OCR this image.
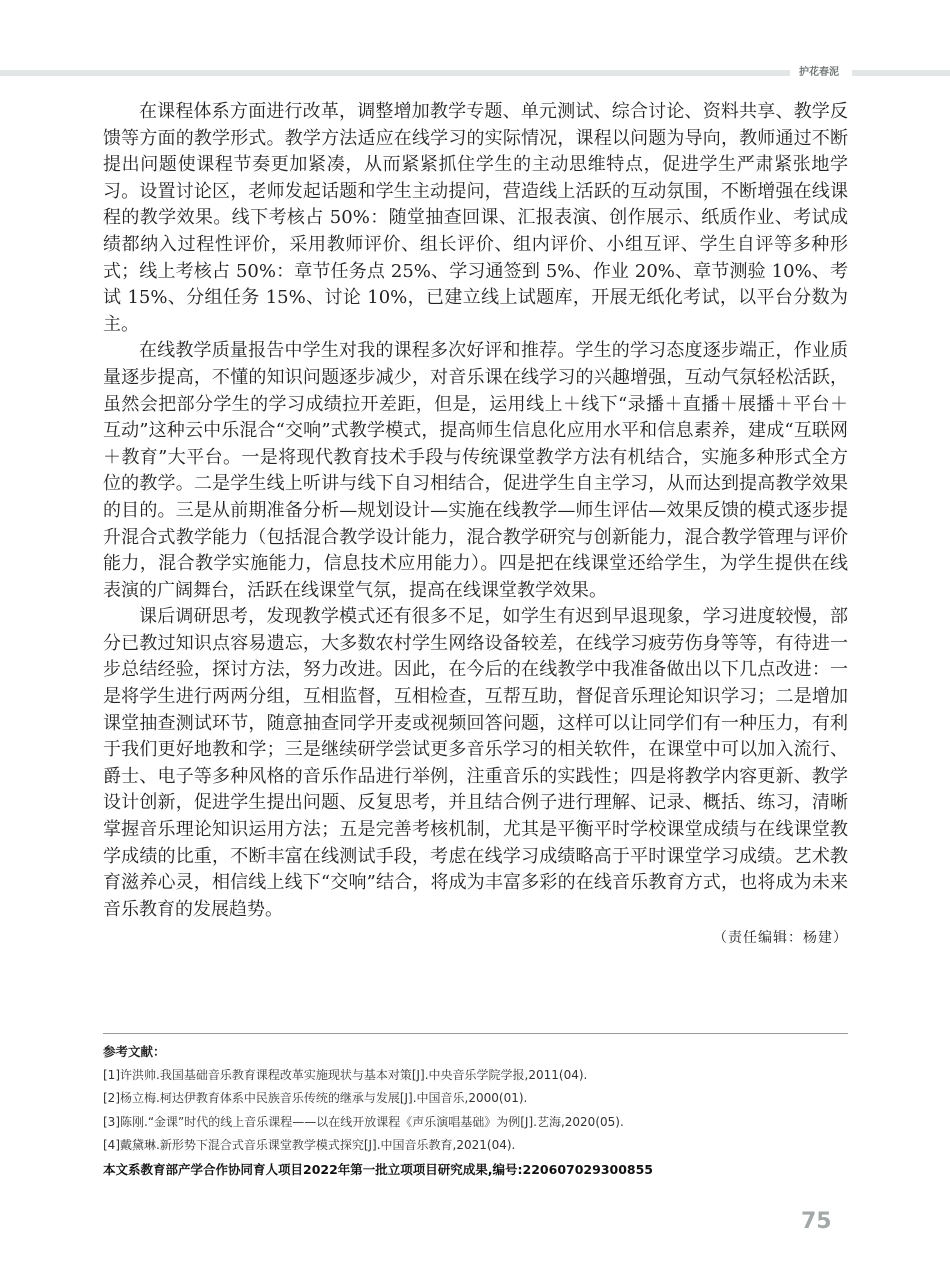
护花春泥

在课程体系方面进行改革，调整增加教学专题、单元测试、综合讨论、资料共享、教学反馈等方面的教学形式。教学方法适应在线学习的实际情况，课程以问题为导向，教师通过不断提出问题使课程节奏更加紧凑，从而紧紧抓住学生的主动思维特点，促进学生严肃紧张地学习。设置讨论区，老师发起话题和学生主动提问，营造线上活跃的互动氛围，不断增强在线课程的教学效果。线下考核占 50%：随堂抽查回课、汇报表演、创作展示、纸质作业、考试成绩都纳入过程性评价，采用教师评价、组长评价、组内评价、小组互评、学生自评等多种形式；线上考核占 50%：章节任务点 25%、学习通签到 5%、作业 20%、章节测验 10%、考试 15%、分组任务 15%、讨论 10%，已建立线上试题库，开展无纸化考试，以平台分数为主。

在线教学质量报告中学生对我的课程多次好评和推荐。学生的学习态度逐步端正，作业质量逐步提高，不懂的知识问题逐步减少，对音乐课在线学习的兴趣增强，互动气氛轻松活跃，虽然会把部分学生的学习成绩拉开差距，但是，运用线上＋线下“录播＋直播＋展播＋平台＋互动”这种云中乐混合“交响”式教学模式，提高师生信息化应用水平和信息素养，建成“互联网＋教育”大平台。一是将现代教育技术手段与传统课堂教学方法有机结合，实施多种形式全方位的教学。二是学生线上听讲与线下自习相结合，促进学生自主学习，从而达到提高教学效果的目的。三是从前期准备分析—规划设计—实施在线教学—师生评估—效果反馈的模式逐步提升混合式教学能力（包括混合教学设计能力，混合教学研究与创新能力，混合教学管理与评价能力，混合教学实施能力，信息技术应用能力）。四是把在线课堂还给学生，为学生提供在线表演的广阔舞台，活跃在线课堂气氛，提高在线课堂教学效果。

课后调研思考，发现教学模式还有很多不足，如学生有迟到早退现象，学习进度较慢，部分已教过知识点容易遗忘，大多数农村学生网络设备较差，在线学习疲劳伤身等等，有待进一步总结经验，探讨方法，努力改进。因此，在今后的在线教学中我准备做出以下几点改进：一是将学生进行两两分组，互相监督，互相检查，互帮互助，督促音乐理论知识学习；二是增加课堂抽查测试环节，随意抽查同学开麦或视频回答问题，这样可以让同学们有一种压力，有利于我们更好地教和学；三是继续研学尝试更多音乐学习的相关软件，在课堂中可以加入流行、爵士、电子等多种风格的音乐作品进行举例，注重音乐的实践性；四是将教学内容更新、教学设计创新，促进学生提出问题、反复思考，并且结合例子进行理解、记录、概括、练习，清晰掌握音乐理论知识运用方法；五是完善考核机制，尤其是平衡平时学校课堂成绩与在线课堂教学成绩的比重，不断丰富在线测试手段，考虑在线学习成绩略高于平时课堂学习成绩。艺术教育滋养心灵，相信线上线下“交响”结合，将成为丰富多彩的在线音乐教育方式，也将成为未来音乐教育的发展趋势。

（责任编辑：杨建）
参考文献：
[1]许洪帅.我国基础音乐教育课程改革实施现状与基本对策[J].中央音乐学院学报,2011(04).
[2]杨立梅.柯达伊教育体系中民族音乐传统的继承与发展[J].中国音乐,2000(01).
[3]陈刚.“金课”时代的线上音乐课程——以在线开放课程《声乐演唱基础》为例[J].艺海,2020(05).
[4]戴黛琳.新形势下混合式音乐课堂教学模式探究[J].中国音乐教育,2021(04).
本文系教育部产学合作协同育人项目2022年第一批立项项目研究成果,编号:220607029300855
75
